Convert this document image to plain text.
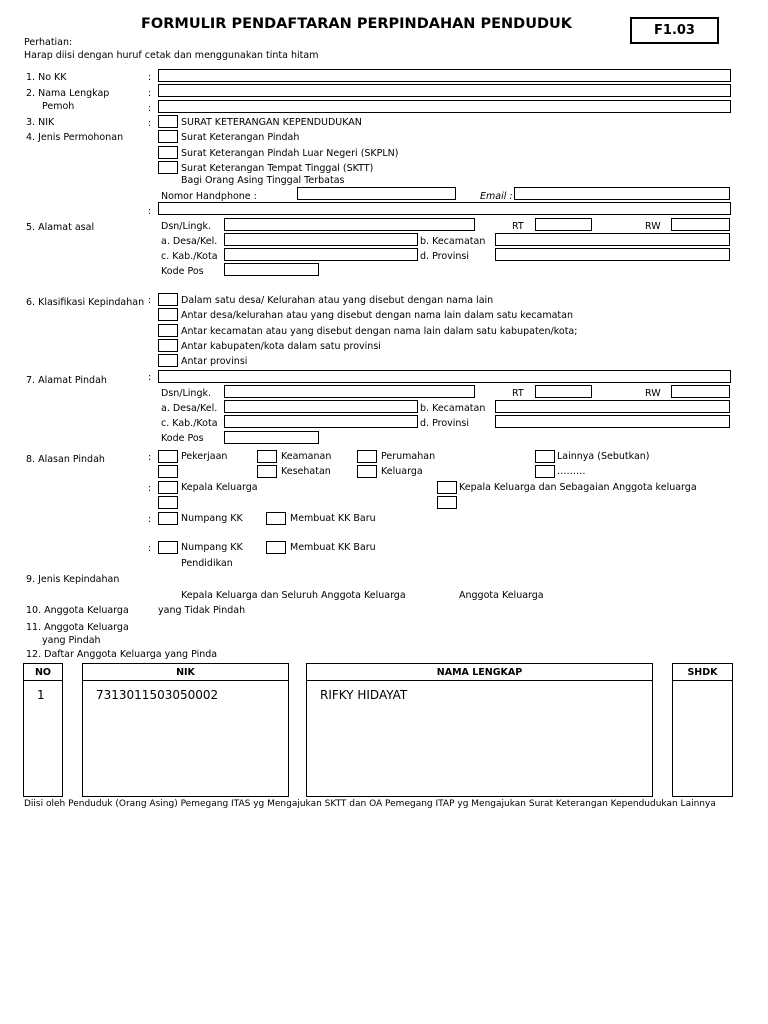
FORMULIR PENDAFTARAN PERPINDAHAN PENDUDUK	F1.03
Perhatian:
Harap diisi dengan huruf cetak dan menggunakan tinta hitam
1. No KK	:
2. Nama Lengkap	:
Pemoh	:
3. NIK	:	SURAT KETERANGAN KEPENDUDUKAN
4. Jenis Permohonan	Surat Keterangan Pindah
Surat Keterangan Pindah Luar Negeri (SKPLN)
Surat Keterangan Tempat Tinggal (SKTT)
Bagi Orang Asing Tinggal Terbatas
Nomor Handphone :	Email :
:
5. Alamat asal	Dsn/Lingk.	RT	RW
a. Desa/Kel.	b. Kecamatan
c. Kab./Kota	d. Provinsi
Kode Pos
6. Klasifikasi Kepindahan :	Dalam satu desa/ Kelurahan atau yang disebut dengan nama lain
Antar desa/kelurahan atau yang disebut dengan nama lain dalam satu kecamatan
Antar kecamatan atau yang disebut dengan nama lain dalam satu kabupaten/kota;
Antar kabupaten/kota dalam satu provinsi
Antar provinsi
7. Alamat Pindah	:
Dsn/Lingk.	RT	RW
a. Desa/Kel.	b. Kecamatan
c. Kab./Kota	d. Provinsi
Kode Pos
8. Alasan Pindah	:	Pekerjaan	Keamanan	Perumahan	Lainnya (Sebutkan)
Kesehatan	Keluarga	………
:	Kepala Keluarga	Kepala Keluarga dan Sebagaian Anggota keluarga
:	Numpang KK	Membuat KK Baru
:	Numpang KK	Membuat KK Baru
Pendidikan
9. Jenis Kepindahan
Kepala Keluarga dan Seluruh Anggota Keluarga	Anggota Keluarga
10. Anggota Keluarga	yang Tidak Pindah
11. Anggota Keluarga
yang Pindah
12. Daftar Anggota Keluarga yang Pinda
NO	NIK	NAMA LENGKAP	SHDK
1	7313011503050002	RIFKY HIDAYAT
Diisi oleh Penduduk (Orang Asing) Pemegang ITAS yg Mengajukan SKTT dan OA Pemegang ITAP yg Mengajukan Surat Keterangan Kependudukan Lainnya
